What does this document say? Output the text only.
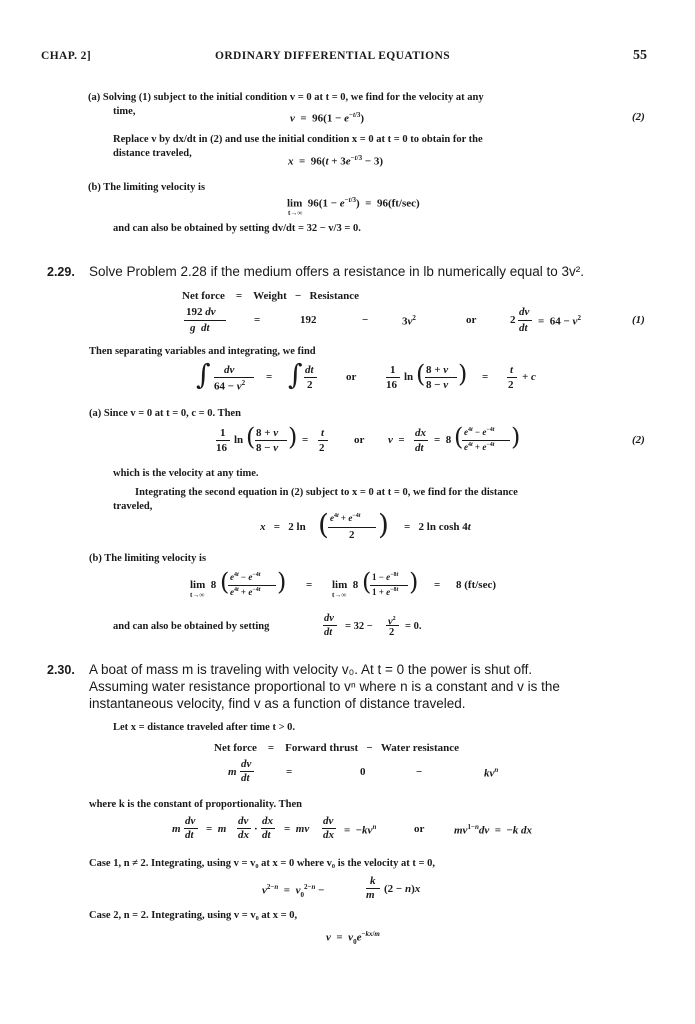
CHAP. 2]	ORDINARY DIFFERENTIAL EQUATIONS	55
(a) Solving (1) subject to the initial condition v = 0 at t = 0, we find for the velocity at any
time,
$v = 96(1 - e^{-t/3})$	(2)
Replace v by dx/dt in (2) and use the initial condition x = 0 at t = 0 to obtain for the
distance traveled,
$x = 96(t + 3e^{-t/3} - 3)$
(b) The limiting velocity is
$\lim 96(1 - e^{-t/3}) = 96(ft/\sec)$
t→∞
and can also be obtained by setting dv/dt = 32 − v/3 = 0.
2.29. Solve Problem 2.28 if the medium offers a resistance in lb numerically equal to 3v².
Net force    =    Weight   −   Resistance
192 dv
g dt
=	192	−	$3v^2$	or	2
dv
dt
=  $64 - v^2$	(1)
Then separating variables and integrating, we find
∫ dv
$64 - v^2$ = ∫ dt
2
or
1
16
ln ( 8 + v
8 − v ) =
t
2
+ c
(a) Since v = 0 at t = 0, c = 0. Then
1
16
ln ( 8 + v
8 − v ) =
t
2
or v  =
dx
dt
=  8 ( $e^{4t} - e^{-4t}$
$e^{4t} + e^{-4t}$ )	(2)
which is the velocity at any time.
Integrating the second equation in (2) subject to x = 0 at t = 0, we find for the distance
traveled,
x   =   2 ln ( $e^{4t} + e^{-4t}$
2 ) =   2 ln cosh 4t
(b) The limiting velocity is
lim  8 ( $e^{4t} - e^{-4t}$
$e^{4t} + e^{-4t}$ ) = lim  8 ( $1 - e^{-8t}$
$1 + e^{-8t}$ ) = 8 (ft/sec)
t→∞	t→∞
and can also be obtained by setting
dv
dt
= $32 - v^2$
2
= 0.
2.30. A boat of mass m is traveling with velocity v₀. At t = 0 the power is shut off.
Assuming water resistance proportional to vⁿ where n is a constant and v is the
instantaneous velocity, find v as a function of distance traveled.
Let x = distance traveled after time t > 0.
Net force    =    Forward thrust   −   Water resistance
m
dv
dt	=	0	−	$kv^n$
where k is the constant of proportionality. Then
m
dv
dt =  m
dv
dx ·
dx
dt =  mv
dv
dx =  $-kv^n$	or	$mv^{1-n}dv = -k$ dx
Case 1, n ≠ 2. Integrating, using v = v₀ at x = 0 where v₀ is the velocity at t = 0,
$v^{2-n} = v_0^{2-n}$ −
k
m (2 − n)x
Case 2, n = 2. Integrating, using v = v₀ at x = 0,
$v = v_0e^{-kx/m}$
